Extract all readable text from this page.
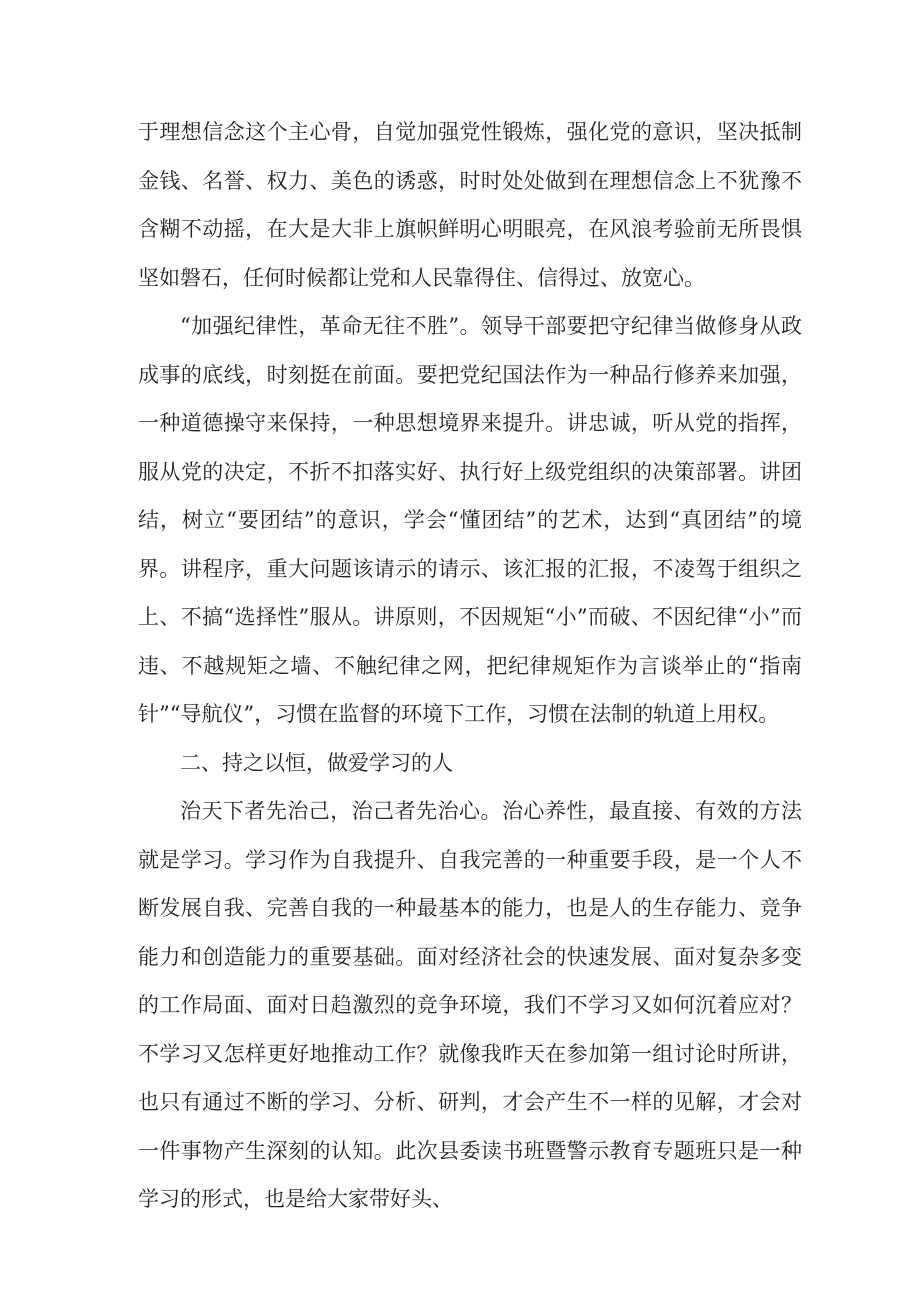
于理想信念这个主心骨，自觉加强党性锻炼，强化党的意识，坚决抵制金钱、名誉、权力、美色的诱惑，时时处处做到在理想信念上不犹豫不含糊不动摇，在大是大非上旗帜鲜明心明眼亮，在风浪考验前无所畏惧坚如磐石，任何时候都让党和人民靠得住、信得过、放宽心。

“加强纪律性，革命无往不胜”。领导干部要把守纪律当做修身从政成事的底线，时刻挺在前面。要把党纪国法作为一种品行修养来加强，一种道德操守来保持，一种思想境界来提升。讲忠诚，听从党的指挥，服从党的决定，不折不扣落实好、执行好上级党组织的决策部署。讲团结，树立“要团结”的意识，学会“懂团结”的艺术，达到“真团结”的境界。讲程序，重大问题该请示的请示、该汇报的汇报，不凌驾于组织之上、不搞“选择性”服从。讲原则，不因规矩“小”而破、不因纪律“小”而违、不越规矩之墙、不触纪律之网，把纪律规矩作为言谈举止的“指南针”“导航仪”，习惯在监督的环境下工作，习惯在法制的轨道上用权。

二、持之以恒，做爱学习的人

治天下者先治己，治己者先治心。治心养性，最直接、有效的方法就是学习。学习作为自我提升、自我完善的一种重要手段，是一个人不断发展自我、完善自我的一种最基本的能力，也是人的生存能力、竞争能力和创造能力的重要基础。面对经济社会的快速发展、面对复杂多变的工作局面、面对日趋激烈的竞争环境，我们不学习又如何沉着应对？不学习又怎样更好地推动工作？就像我昨天在参加第一组讨论时所讲，也只有通过不断的学习、分析、研判，才会产生不一样的见解，才会对一件事物产生深刻的认知。此次县委读书班暨警示教育专题班只是一种学习的形式，也是给大家带好头、
